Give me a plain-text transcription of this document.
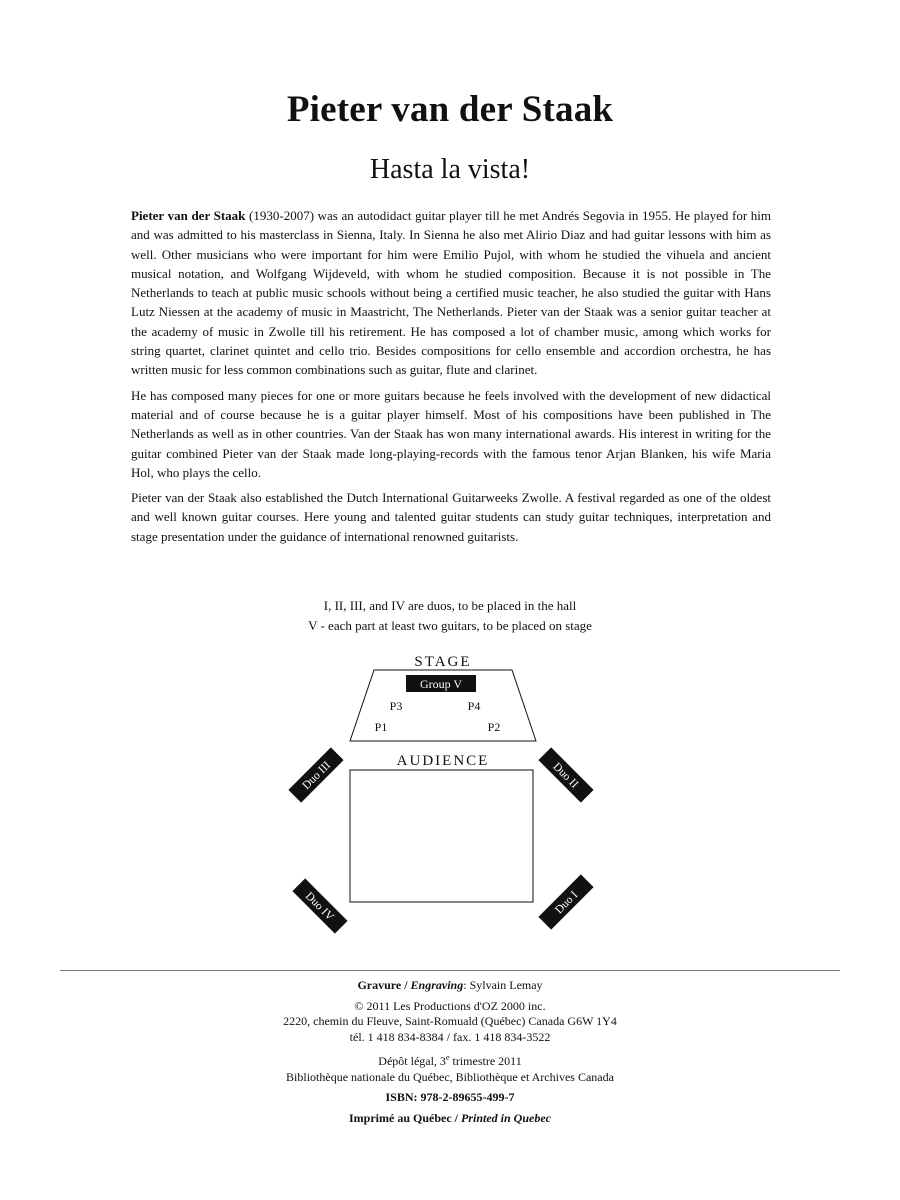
Pieter van der Staak
Hasta la vista!

Pieter van der Staak (1930-2007) was an autodidact guitar player till he met Andrés Segovia in 1955. He played for him and was admitted to his masterclass in Sienna, Italy. In Sienna he also met Alirio Diaz and had guitar lessons with him as well. Other musicians who were important for him were Emilio Pujol, with whom he studied the vihuela and ancient musical notation, and Wolfgang Wijdeveld, with whom he studied composition. Because it is not possible in The Netherlands to teach at public music schools without being a certified music teacher, he also studied the guitar with Hans Lutz Niessen at the academy of music in Maastricht, The Netherlands. Pieter van der Staak was a senior guitar teacher at the academy of music in Zwolle till his retirement. He has composed a lot of chamber music, among which works for string quartet, clarinet quintet and cello trio. Besides compositions for cello ensemble and accordion orchestra, he has written music for less common combinations such as guitar, flute and clarinet.

He has composed many pieces for one or more guitars because he feels involved with the development of new didactical material and of course because he is a guitar player himself. Most of his compositions have been published in The Netherlands as well as in other countries. Van der Staak has won many international awards. His interest in writing for the guitar combined Pieter van der Staak made long-playing-records with the famous tenor Arjan Blanken, his wife Maria Hol, who plays the cello.

Pieter van der Staak also established the Dutch International Guitarweeks Zwolle. A festival regarded as one of the oldest and well known guitar courses. Here young and talented guitar students can study guitar techniques, interpretation and stage presentation under the guidance of international renowned guitarists.

I, II, III, and IV are duos, to be placed in the hall
V - each part at least two guitars, to be placed on stage
STAGE
Group V
P3	P4
P1	P2
AUDIENCE
Duo III	Duo II
Duo IV	Duo I
Gravure / Engraving: Sylvain Lemay
© 2011 Les Productions d'OZ 2000 inc.
2220, chemin du Fleuve, Saint-Romuald (Québec) Canada G6W 1Y4
tél. 1 418 834-8384 / fax. 1 418 834-3522
Dépôt légal, 3e trimestre 2011
Bibliothèque nationale du Québec, Bibliothèque et Archives Canada
ISBN: 978-2-89655-499-7
Imprimé au Québec / Printed in Quebec
